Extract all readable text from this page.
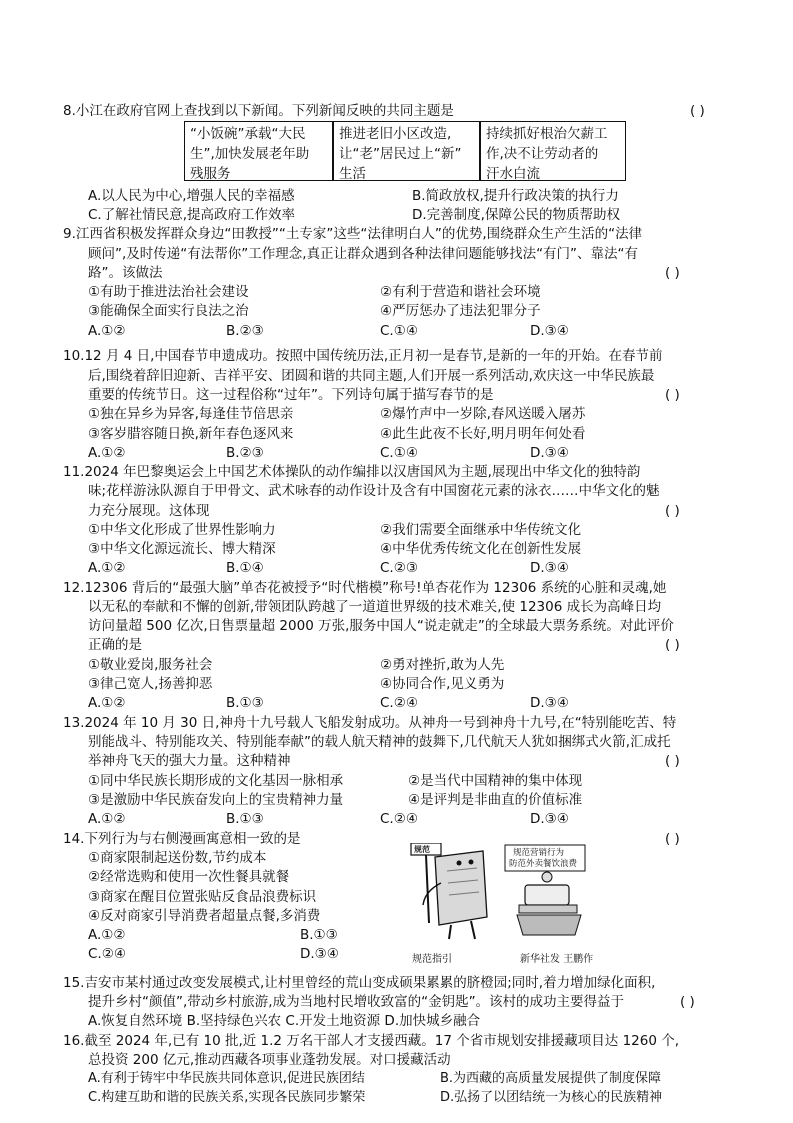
8.小江在政府官网上查找到以下新闻。下列新闻反映的共同主题是	( )
“小饭碗”承载“大民
生”,加快发展老年助
残服务
推进老旧小区改造,
让“老”居民过上“新”
生活
持续抓好根治欠薪工
作,决不让劳动者的
汗水白流
A.以人民为中心,增强人民的幸福感	B.简政放权,提升行政决策的执行力
C.了解社情民意,提高政府工作效率	D.完善制度,保障公民的物质帮助权
9.江西省积极发挥群众身边“田教授”“土专家”这些“法律明白人”的优势,围绕群众生产生活的“法律
顾问”,及时传递“有法帮你”工作理念,真正让群众遇到各种法律问题能够找法“有门”、靠法“有
路”。该做法	( )
①有助于推进法治社会建设	②有利于营造和谐社会环境
③能确保全面实行良法之治	④严厉惩办了违法犯罪分子
A.①②	B.②③	C.①④	D.③④
10.12 月 4 日,中国春节申遗成功。按照中国传统历法,正月初一是春节,是新的一年的开始。在春节前
后,围绕着辞旧迎新、吉祥平安、团圆和谐的共同主题,人们开展一系列活动,欢庆这一中华民族最
重要的传统节日。这一过程俗称“过年”。下列诗句属于描写春节的是	( )
①独在异乡为异客,每逢佳节倍思亲	②爆竹声中一岁除,春风送暖入屠苏
③客岁腊容随日换,新年春色逐风来	④此生此夜不长好,明月明年何处看
A.①②	B.②③	C.①④	D.③④
11.2024 年巴黎奥运会上中国艺术体操队的动作编排以汉唐国风为主题,展现出中华文化的独特韵
味;花样游泳队源自于甲骨文、武术咏春的动作设计及含有中国窗花元素的泳衣……中华文化的魅
力充分展现。这体现	( )
①中华文化形成了世界性影响力	②我们需要全面继承中华传统文化
③中华文化源远流长、博大精深	④中华优秀传统文化在创新性发展
A.①②	B.①④	C.②③	D.③④
12.12306 背后的“最强大脑”单杏花被授予“时代楷模”称号!单杏花作为 12306 系统的心脏和灵魂,她
以无私的奉献和不懈的创新,带领团队跨越了一道道世界级的技术难关,使 12306 成长为高峰日均
访问量超 500 亿次,日售票量超 2000 万张,服务中国人“说走就走”的全球最大票务系统。对此评价
正确的是	( )
①敬业爱岗,服务社会	②勇对挫折,敢为人先
③律己宽人,扬善抑恶	④协同合作,见义勇为
A.①②	B.①③	C.②④	D.③④
13.2024 年 10 月 30 日,神舟十九号载人飞船发射成功。从神舟一号到神舟十九号,在“特别能吃苦、特
别能战斗、特别能攻关、特别能奉献”的载人航天精神的鼓舞下,几代航天人犹如捆绑式火箭,汇成托
举神舟飞天的强大力量。这种精神	( )
①同中华民族长期形成的文化基因一脉相承	②是当代中国精神的集中体现
③是激励中华民族奋发向上的宝贵精神力量	④是评判是非曲直的价值标准
A.①②	B.①③	C.②④	D.③④
14.下列行为与右侧漫画寓意相一致的是	( )
①商家限制起送份数,节约成本
②经常选购和使用一次性餐具就餐
③商家在醒目位置张贴反食品浪费标识
④反对商家引导消费者超量点餐,多消费
A.①②	B.①③
C.②④	D.③④
规范	规范营销行为
防范外卖餐饮浪费
规范指引	新华社发 王鹏作
15.吉安市某村通过改变发展模式,让村里曾经的荒山变成硕果累累的脐橙园;同时,着力增加绿化面积,
提升乡村“颜值”,带动乡村旅游,成为当地村民增收致富的“金钥匙”。该村的成功主要得益于	( )
A.恢复自然环境 B.坚持绿色兴农 C.开发土地资源 D.加快城乡融合
16.截至 2024 年,已有 10 批,近 1.2 万名干部人才支援西藏。17 个省市规划安排援藏项目达 1260 个,
总投资 200 亿元,推动西藏各项事业蓬勃发展。对口援藏活动
A.有利于铸牢中华民族共同体意识,促进民族团结	B.为西藏的高质量发展提供了制度保障
C.构建互助和谐的民族关系,实现各民族同步繁荣	D.弘扬了以团结统一为核心的民族精神
